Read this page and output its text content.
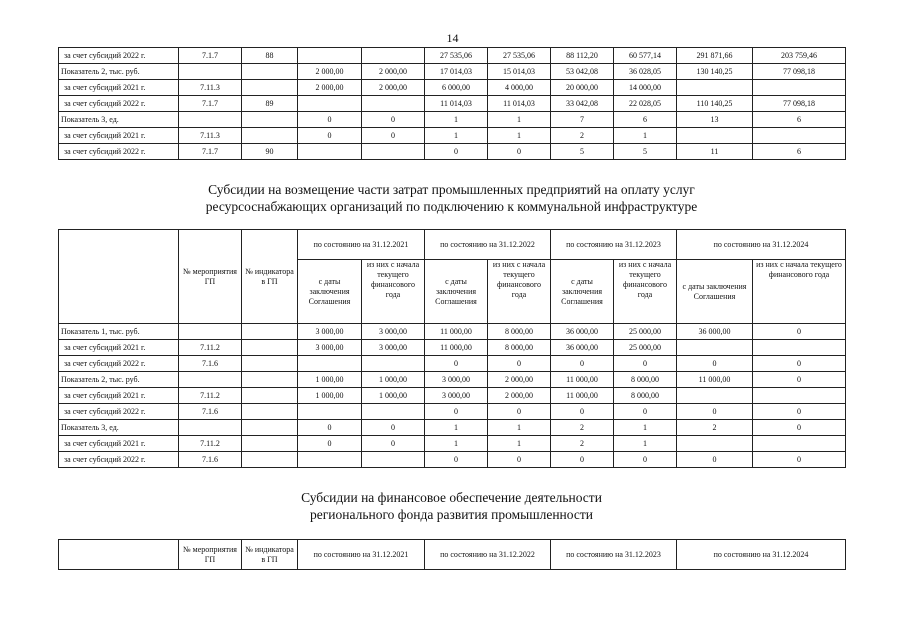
14
за счет субсидий 2022 г.	7.1.7	88			27 535,06	27 535,06	88 112,20	60 577,14	291 871,66	203 759,46
Показатель 2, тыс. руб.			2 000,00	2 000,00	17 014,03	15 014,03	53 042,08	36 028,05	130 140,25	77 098,18
за счет субсидий 2021 г.	7.11.3		2 000,00	2 000,00	6 000,00	4 000,00	20 000,00	14 000,00		
за счет субсидий 2022 г.	7.1.7	89			11 014,03	11 014,03	33 042,08	22 028,05	110 140,25	77 098,18
Показатель 3, ед.			0	0	1	1	7	6	13	6
за счет субсидий 2021 г.	7.11.3		0	0	1	1	2	1		
за счет субсидий 2022 г.	7.1.7	90			0	0	5	5	11	6
Субсидии на возмещение части затрат промышленных предприятий на оплату услуг
ресурсоснабжающих организаций по подключению к коммунальной инфраструктуре
	№ мероприятия ГП	№ индикатора в ГП	по состоянию на 31.12.2021		по состоянию на 31.12.2022		по состоянию на 31.12.2023		по состоянию на 31.12.2024	
			с даты заключения Соглашения	из них с начала текущего финансового года	с даты заключения Соглашения	из них с начала текущего финансового года	с даты заключения Соглашения	из них с начала текущего финансового года	с даты заключения Соглашения	из них с начала текущего финансового года
Показатель 1, тыс. руб.			3 000,00	3 000,00	11 000,00	8 000,00	36 000,00	25 000,00	36 000,00	0
за счет субсидий 2021 г.	7.11.2		3 000,00	3 000,00	11 000,00	8 000,00	36 000,00	25 000,00		
за счет субсидий 2022 г.	7.1.6				0	0	0	0	0	0
Показатель 2, тыс. руб.			1 000,00	1 000,00	3 000,00	2 000,00	11 000,00	8 000,00	11 000,00	0
за счет субсидий 2021 г.	7.11.2		1 000,00	1 000,00	3 000,00	2 000,00	11 000,00	8 000,00		
за счет субсидий 2022 г.	7.1.6				0	0	0	0	0	0
Показатель 3, ед.			0	0	1	1	2	1	2	0
за счет субсидий 2021 г.	7.11.2		0	0	1	1	2	1		
за счет субсидий 2022 г.	7.1.6				0	0	0	0	0	0
Субсидии на финансовое обеспечение деятельности
регионального фонда развития промышленности
	№ мероприятия ГП	№ индикатора в ГП	по состоянию на 31.12.2021	по состоянию на 31.12.2022	по состоянию на 31.12.2023	по состоянию на 31.12.2024
